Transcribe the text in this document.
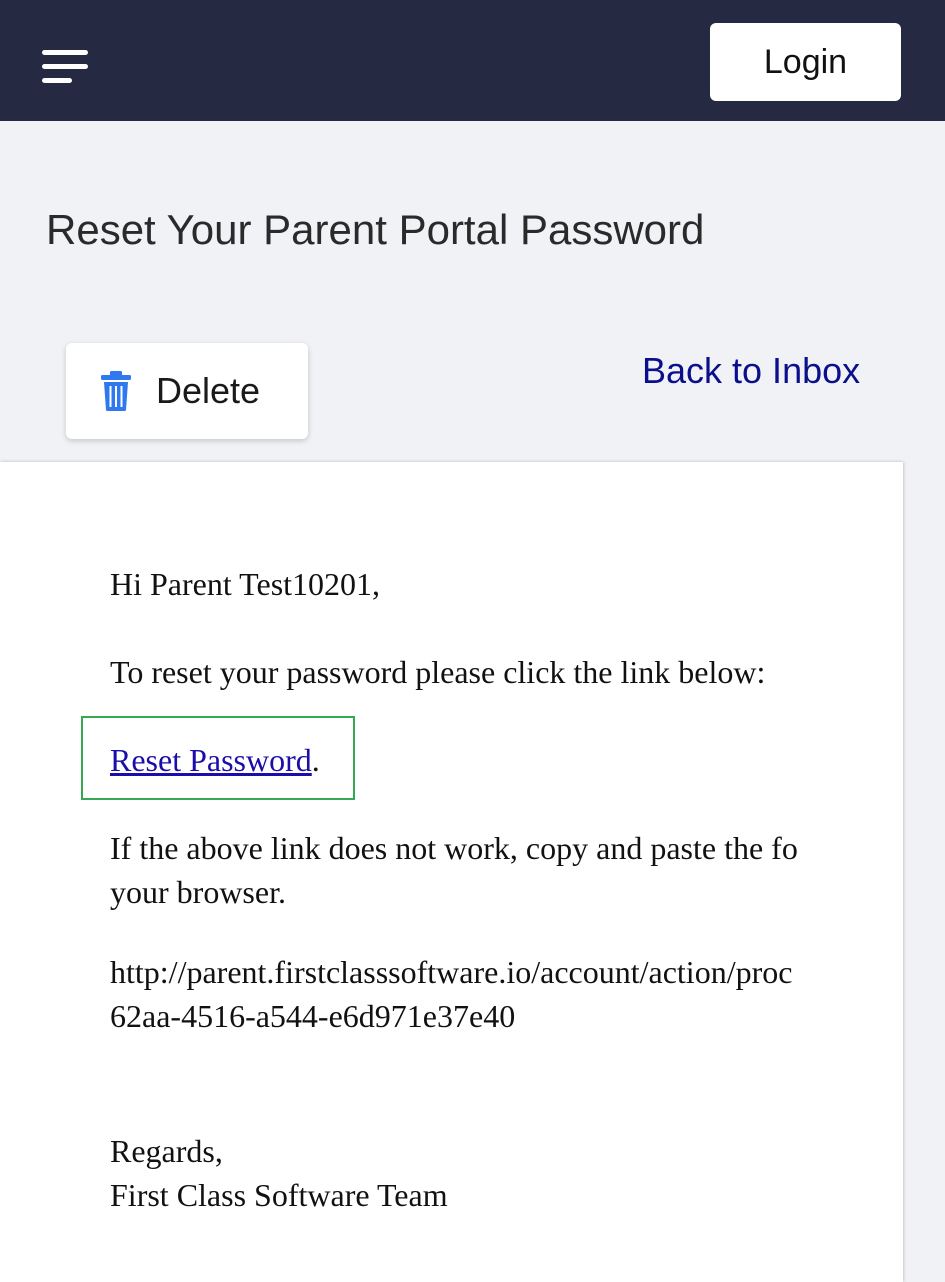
Login
Reset Your Parent Portal Password
Delete	Back to Inbox
Hi Parent Test10201,
To reset your password please click the link below:
Reset Password.
If the above link does not work, copy and paste the fo
your browser.
http://parent.firstclasssoftware.io/account/action/proc
62aa-4516-a544-e6d971e37e40
Regards,
First Class Software Team
